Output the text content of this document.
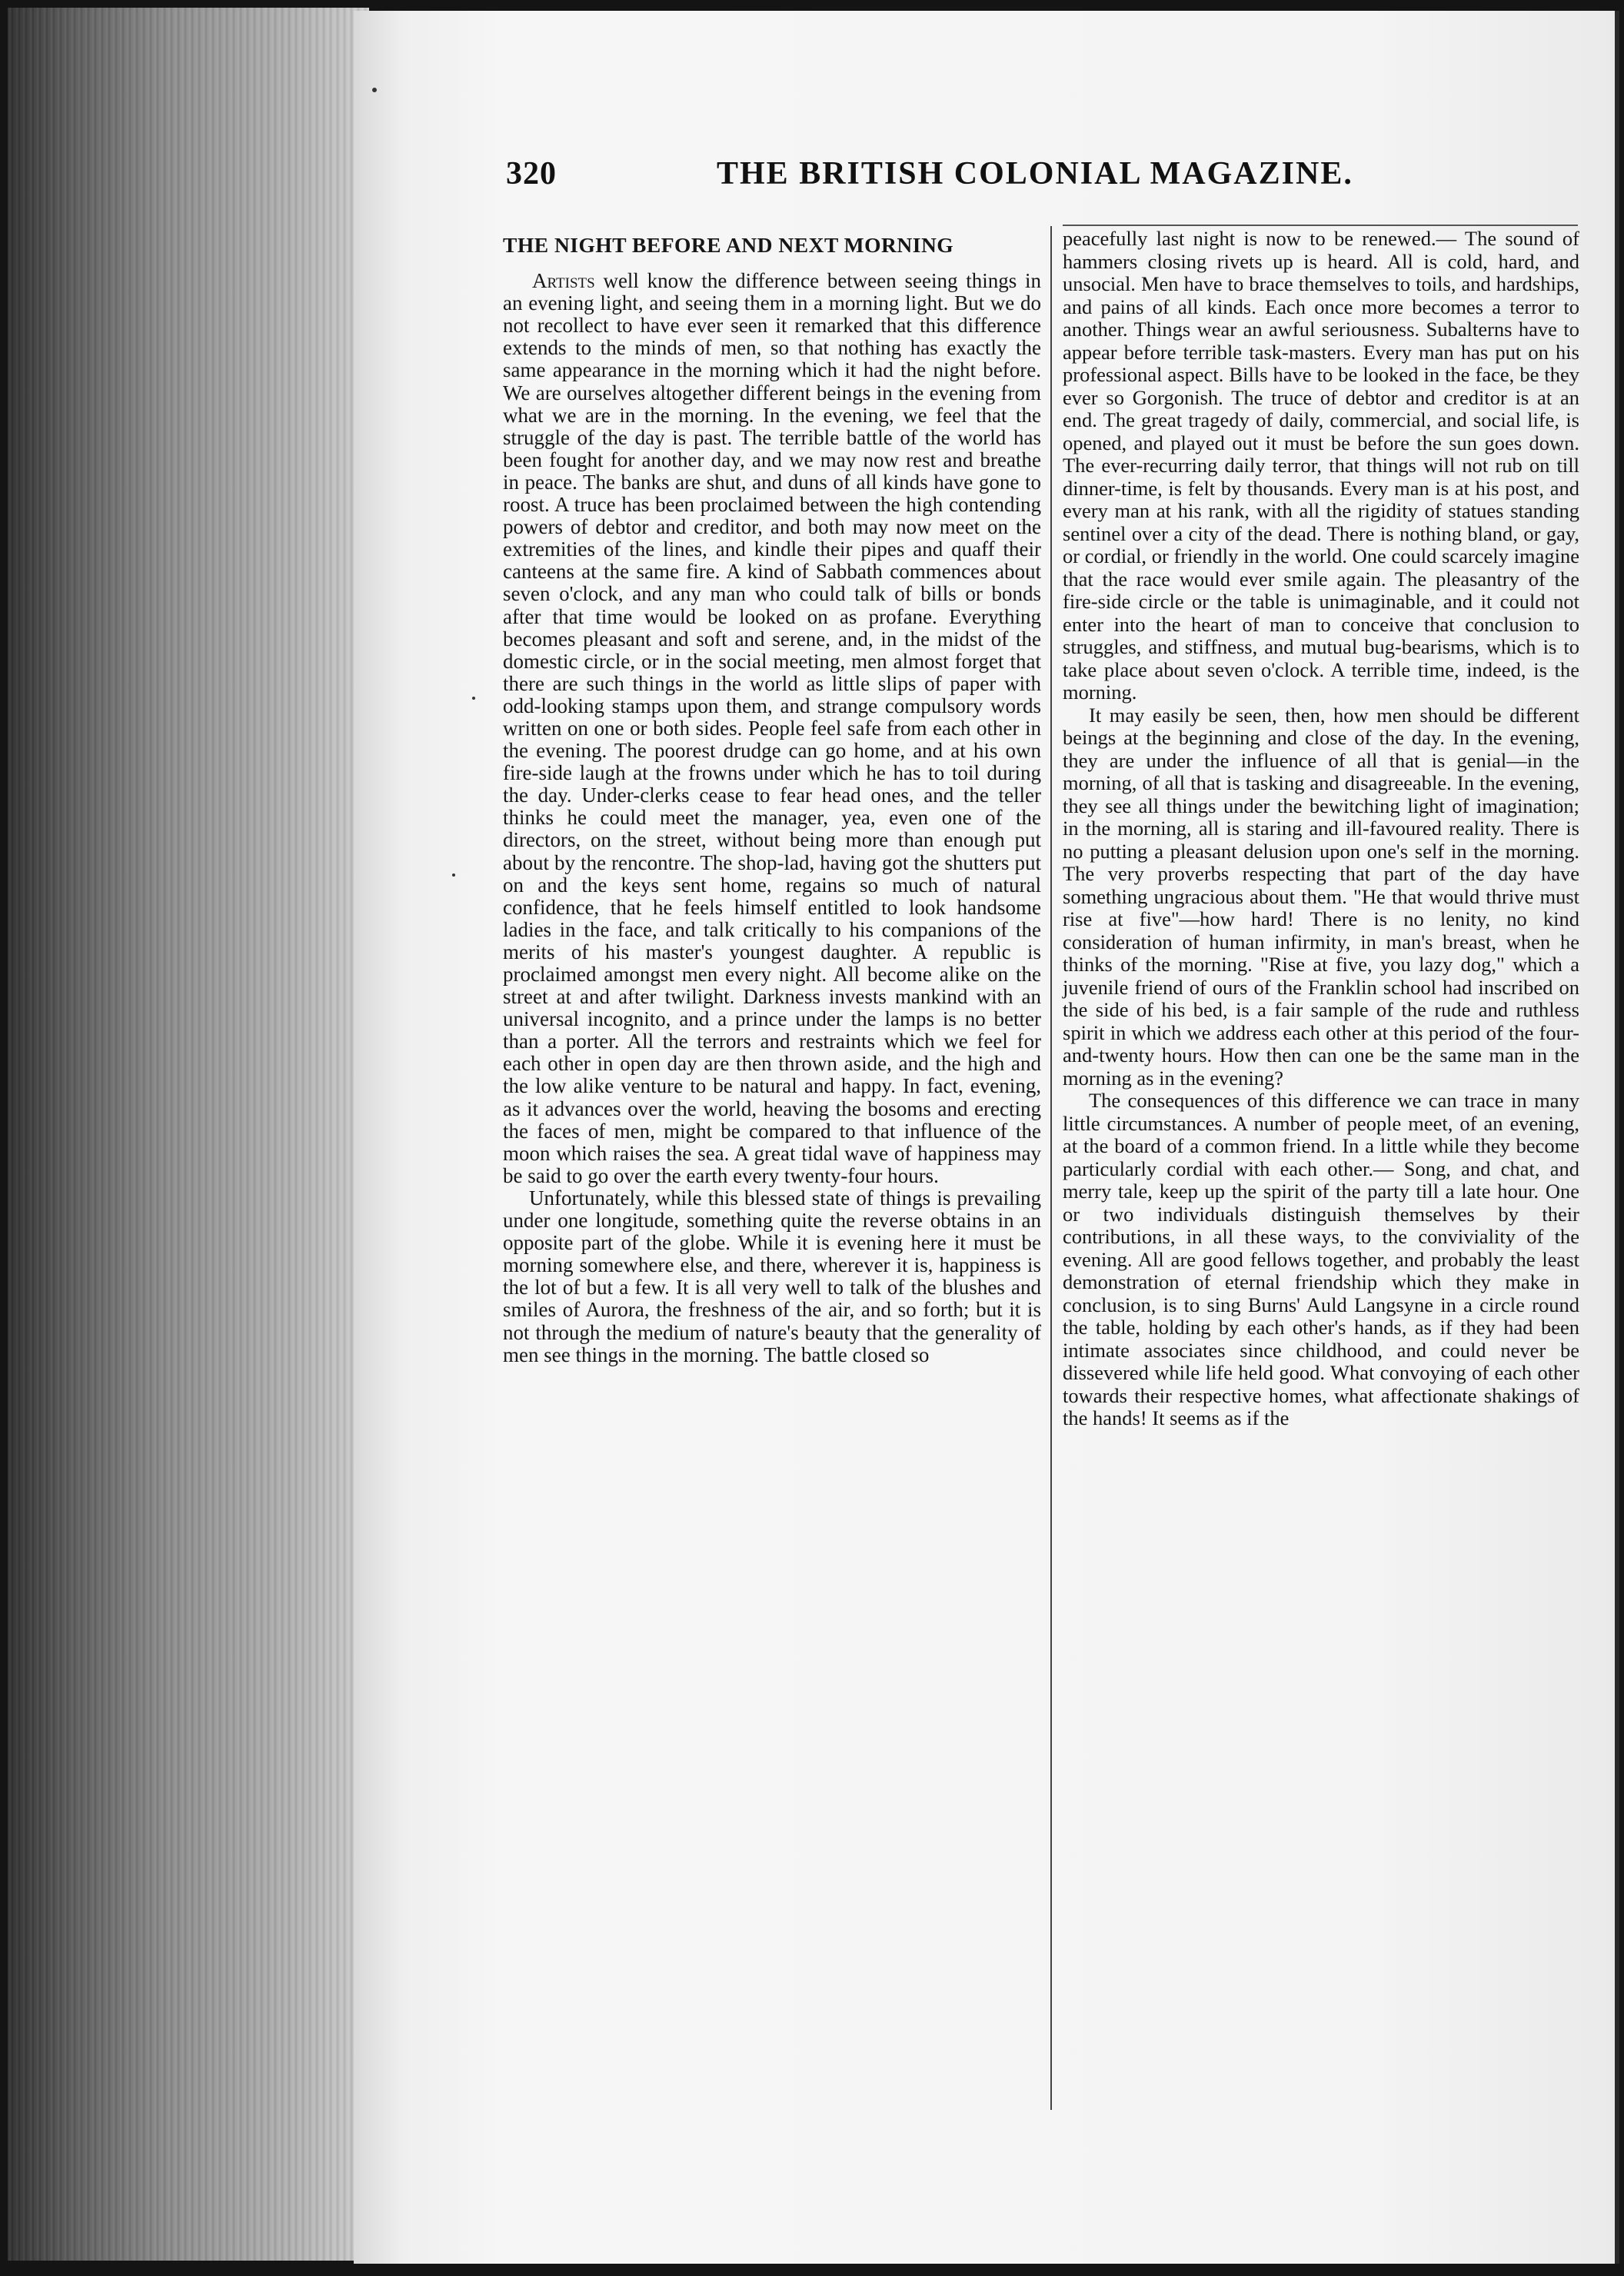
320	THE BRITISH COLONIAL MAGAZINE.
THE NIGHT BEFORE AND NEXT MORNING

Artists well know the difference between seeing things in an evening light, and seeing them in a morning light. But we do not recollect to have ever seen it remarked that this difference extends to the minds of men, so that nothing has exactly the same appearance in the morning which it had the night before. We are ourselves altogether different beings in the evening from what we are in the morning. In the evening, we feel that the struggle of the day is past. The terrible battle of the world has been fought for another day, and we may now rest and breathe in peace. The banks are shut, and duns of all kinds have gone to roost. A truce has been proclaimed between the high contending powers of debtor and creditor, and both may now meet on the extremities of the lines, and kindle their pipes and quaff their canteens at the same fire. A kind of Sabbath commences about seven o'clock, and any man who could talk of bills or bonds after that time would be looked on as profane. Everything becomes pleasant and soft and serene, and, in the midst of the domestic circle, or in the social meeting, men almost forget that there are such things in the world as little slips of paper with odd-looking stamps upon them, and strange compulsory words written on one or both sides. People feel safe from each other in the evening. The poorest drudge can go home, and at his own fire-side laugh at the frowns under which he has to toil during the day. Under-clerks cease to fear head ones, and the teller thinks he could meet the manager, yea, even one of the directors, on the street, without being more than enough put about by the rencontre. The shop-lad, having got the shutters put on and the keys sent home, regains so much of natural confidence, that he feels himself entitled to look handsome ladies in the face, and talk critically to his companions of the merits of his master's youngest daughter. A republic is proclaimed amongst men every night. All become alike on the street at and after twilight. Darkness invests mankind with an universal incognito, and a prince under the lamps is no better than a porter. All the terrors and restraints which we feel for each other in open day are then thrown aside, and the high and the low alike venture to be natural and happy. In fact, evening, as it advances over the world, heaving the bosoms and erecting the faces of men, might be compared to that influence of the moon which raises the sea. A great tidal wave of happiness may be said to go over the earth every twenty-four hours.

Unfortunately, while this blessed state of things is prevailing under one longitude, something quite the reverse obtains in an opposite part of the globe. While it is evening here it must be morning somewhere else, and there, wherever it is, happiness is the lot of but a few. It is all very well to talk of the blushes and smiles of Aurora, the freshness of the air, and so forth; but it is not through the medium of nature's beauty that the generality of men see things in the morning. The battle closed so

peacefully last night is now to be renewed.— The sound of hammers closing rivets up is heard. All is cold, hard, and unsocial. Men have to brace themselves to toils, and hardships, and pains of all kinds. Each once more becomes a terror to another. Things wear an awful seriousness. Subalterns have to appear before terrible task-masters. Every man has put on his professional aspect. Bills have to be looked in the face, be they ever so Gorgonish. The truce of debtor and creditor is at an end. The great tragedy of daily, commercial, and social life, is opened, and played out it must be before the sun goes down. The ever-recurring daily terror, that things will not rub on till dinner-time, is felt by thousands. Every man is at his post, and every man at his rank, with all the rigidity of statues standing sentinel over a city of the dead. There is nothing bland, or gay, or cordial, or friendly in the world. One could scarcely imagine that the race would ever smile again. The pleasantry of the fire-side circle or the table is unimaginable, and it could not enter into the heart of man to conceive that conclusion to struggles, and stiffness, and mutual bug-bearisms, which is to take place about seven o'clock. A terrible time, indeed, is the morning.

It may easily be seen, then, how men should be different beings at the beginning and close of the day. In the evening, they are under the influence of all that is genial—in the morning, of all that is tasking and disagreeable. In the evening, they see all things under the bewitching light of imagination; in the morning, all is staring and ill-favoured reality. There is no putting a pleasant delusion upon one's self in the morning. The very proverbs respecting that part of the day have something ungracious about them. "He that would thrive must rise at five"—how hard! There is no lenity, no kind consideration of human infirmity, in man's breast, when he thinks of the morning. "Rise at five, you lazy dog," which a juvenile friend of ours of the Franklin school had inscribed on the side of his bed, is a fair sample of the rude and ruthless spirit in which we address each other at this period of the four-and-twenty hours. How then can one be the same man in the morning as in the evening?

The consequences of this difference we can trace in many little circumstances. A number of people meet, of an evening, at the board of a common friend. In a little while they become particularly cordial with each other.— Song, and chat, and merry tale, keep up the spirit of the party till a late hour. One or two individuals distinguish themselves by their contributions, in all these ways, to the conviviality of the evening. All are good fellows together, and probably the least demonstration of eternal friendship which they make in conclusion, is to sing Burns' Auld Langsyne in a circle round the table, holding by each other's hands, as if they had been intimate associates since childhood, and could never be dissevered while life held good. What convoying of each other towards their respective homes, what affectionate shakings of the hands! It seems as if the
